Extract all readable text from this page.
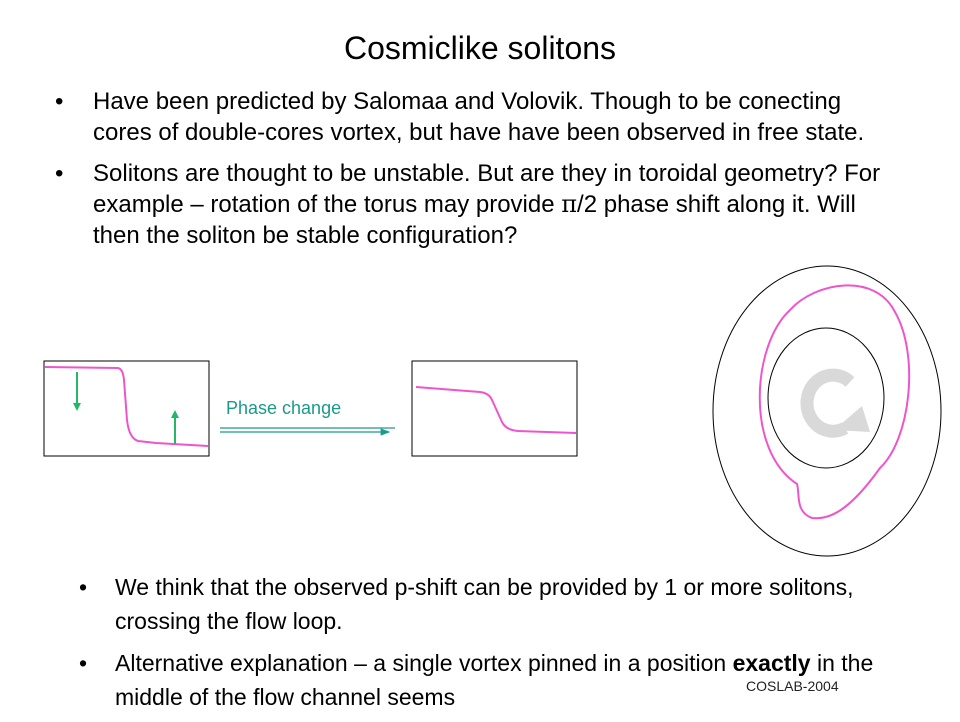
Cosmiclike solitons
• Have been predicted by Salomaa and Volovik. Though to be conecting cores of double-cores vortex, but have have been observed in free state.
• Solitons are thought to be unstable. But are they in toroidal geometry? For example – rotation of the torus may provide π/2 phase shift along it. Will then the soliton be stable configuration?
Phase change
• We think that the observed p-shift can be provided by 1 or more solitons, crossing the flow loop.
• Alternative explanation – a single vortex pinned in a position exactly in the middle of the flow channel seems	COSLAB-2004
